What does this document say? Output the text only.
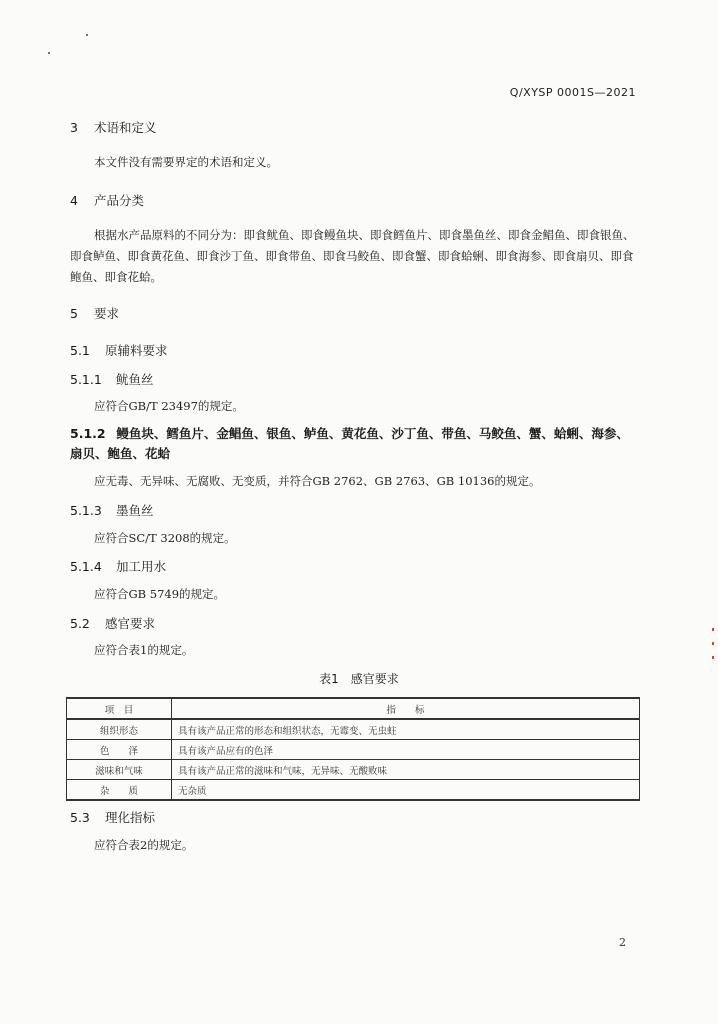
Q/XYSP 0001S—2021
3 术语和定义
本文件没有需要界定的术语和定义。
4 产品分类
根据水产品原料的不同分为：即食鱿鱼、即食鳗鱼块、即食鳕鱼片、即食墨鱼丝、即食金鲳鱼、即食银鱼、即食鲈鱼、即食黄花鱼、即食沙丁鱼、即食带鱼、即食马鲛鱼、即食蟹、即食蛤蜊、即食海参、即食扇贝、即食鲍鱼、即食花蛤。
5 要求
5.1 原辅料要求
5.1.1 鱿鱼丝
应符合GB/T 23497的规定。
5.1.2 鳗鱼块、鳕鱼片、金鲳鱼、银鱼、鲈鱼、黄花鱼、沙丁鱼、带鱼、马鲛鱼、蟹、蛤蜊、海参、扇贝、鲍鱼、花蛤
应无毒、无异味、无腐败、无变质，并符合GB 2762、GB 2763、GB 10136的规定。
5.1.3 墨鱼丝
应符合SC/T 3208的规定。
5.1.4 加工用水
应符合GB 5749的规定。
5.2 感官要求
应符合表1的规定。
表1　感官要求
项　目	指　　标
组织形态	具有该产品正常的形态和组织状态，无霉变、无虫蛀
色　　泽	具有该产品应有的色泽
滋味和气味	具有该产品正常的滋味和气味，无异味、无酸败味
杂　　质	无杂质
5.3 理化指标
应符合表2的规定。
2
